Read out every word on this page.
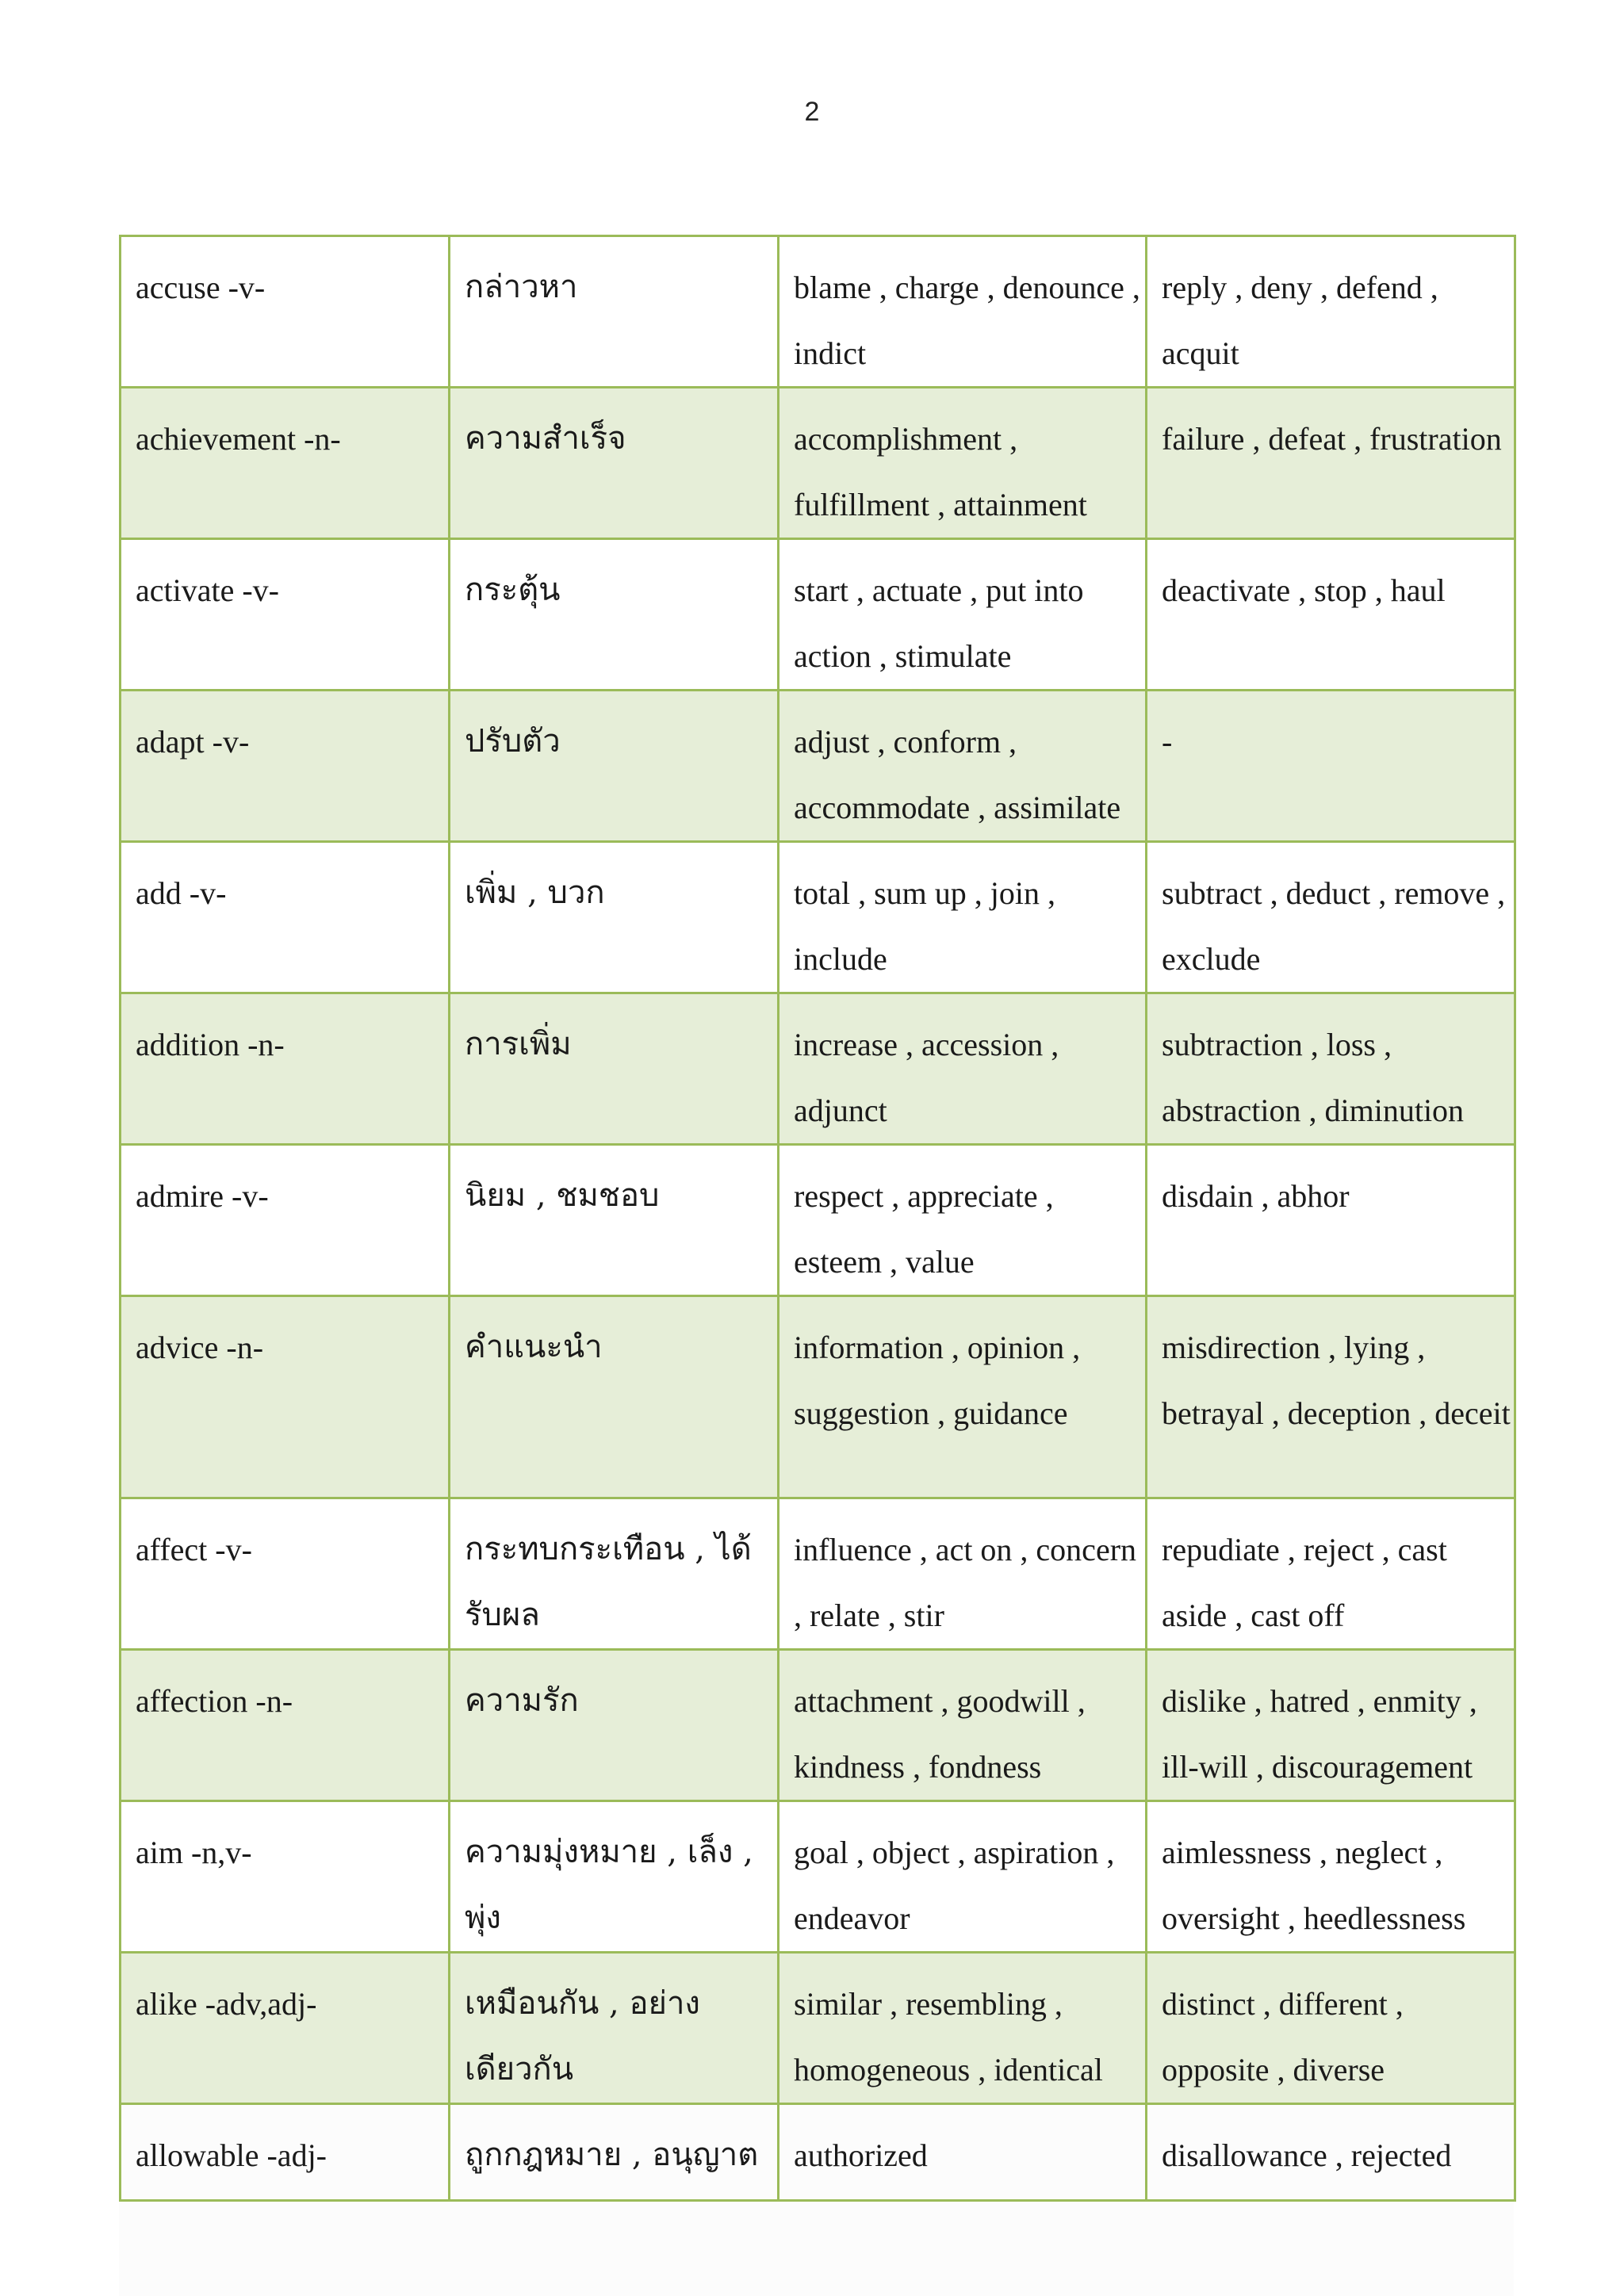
2
accuse -v-	กล่าวหา	blame , charge , denounce , indict	reply , deny , defend , acquit
achievement -n-	ความสำเร็จ	accomplishment , fulfillment , attainment	failure , defeat , frustration
activate -v-	กระตุ้น	start , actuate , put into action , stimulate	deactivate , stop , haul
adapt -v-	ปรับตัว	adjust , conform , accommodate , assimilate	-
add -v-	เพิ่ม , บวก	total , sum up , join , include	subtract , deduct , remove , exclude
addition -n-	การเพิ่ม	increase , accession , adjunct	subtraction , loss , abstraction , diminution
admire -v-	นิยม , ชมชอบ	respect , appreciate , esteem , value	disdain , abhor
advice -n-	คำแนะนำ	information , opinion , suggestion , guidance	misdirection , lying , betrayal , deception , deceit
affect -v-	กระทบกระเทือน , ได้รับผล	influence , act on , concern , relate , stir	repudiate , reject , cast aside , cast off
affection -n-	ความรัก	attachment , goodwill , kindness , fondness	dislike , hatred , enmity , ill-will , discouragement
aim -n,v-	ความมุ่งหมาย , เล็ง , พุ่ง	goal , object , aspiration , endeavor	aimlessness , neglect , oversight , heedlessness
alike -adv,adj-	เหมือนกัน , อย่างเดียวกัน	similar , resembling , homogeneous , identical	distinct , different , opposite , diverse
allowable -adj-	ถูกกฎหมาย , อนุญาต	authorized	disallowance , rejected
